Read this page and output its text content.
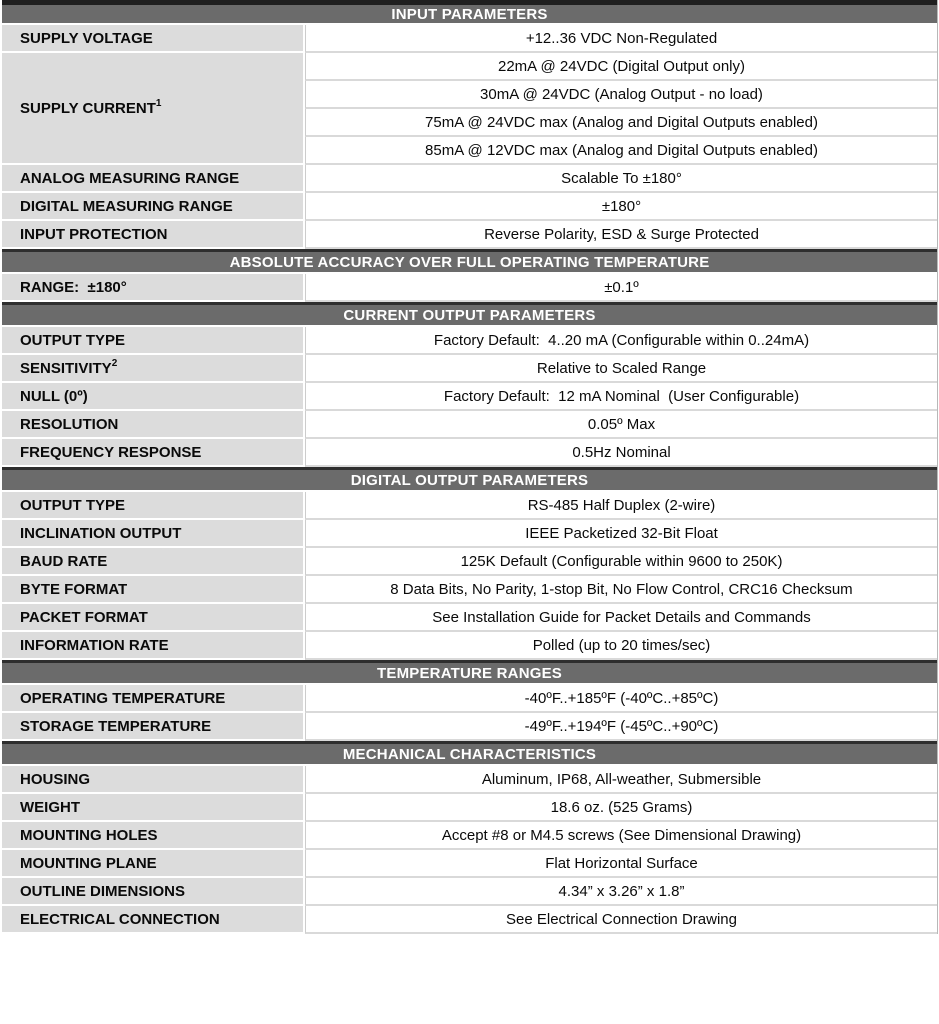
INPUT PARAMETERS	
SUPPLY VOLTAGE	+12..36 VDC Non-Regulated
SUPPLY CURRENT$^1$	22mA @ 24VDC (Digital Output only)
	30mA @ 24VDC (Analog Output - no load)
	75mA @ 24VDC max (Analog and Digital Outputs enabled)
	85mA @ 12VDC max (Analog and Digital Outputs enabled)
ANALOG MEASURING RANGE	Scalable To ±180°
DIGITAL MEASURING RANGE	±180°
INPUT PROTECTION	Reverse Polarity, ESD & Surge Protected
ABSOLUTE ACCURACY OVER FULL OPERATING TEMPERATURE	
RANGE:  ±180°	±0.1º
CURRENT OUTPUT PARAMETERS	
OUTPUT TYPE	Factory Default:  4..20 mA (Configurable within 0..24mA)
SENSITIVITY$^2$	Relative to Scaled Range
NULL (0º)	Factory Default:  12 mA Nominal  (User Configurable)
RESOLUTION	0.05º Max
FREQUENCY RESPONSE	0.5Hz Nominal
DIGITAL OUTPUT PARAMETERS	
OUTPUT TYPE	RS-485 Half Duplex (2-wire)
INCLINATION OUTPUT	IEEE Packetized 32-Bit Float
BAUD RATE	125K Default (Configurable within 9600 to 250K)
BYTE FORMAT	8 Data Bits, No Parity, 1-stop Bit, No Flow Control, CRC16 Checksum
PACKET FORMAT	See Installation Guide for Packet Details and Commands
INFORMATION RATE	Polled (up to 20 times/sec)
TEMPERATURE RANGES	
OPERATING TEMPERATURE	-40ºF..+185ºF (-40ºC..+85ºC)
STORAGE TEMPERATURE	-49ºF..+194ºF (-45ºC..+90ºC)
MECHANICAL CHARACTERISTICS	
HOUSING	Aluminum, IP68, All-weather, Submersible
WEIGHT	18.6 oz. (525 Grams)
MOUNTING HOLES	Accept #8 or M4.5 screws (See Dimensional Drawing)
MOUNTING PLANE	Flat Horizontal Surface
OUTLINE DIMENSIONS	4.34” x 3.26” x 1.8”
ELECTRICAL CONNECTION	See Electrical Connection Drawing
